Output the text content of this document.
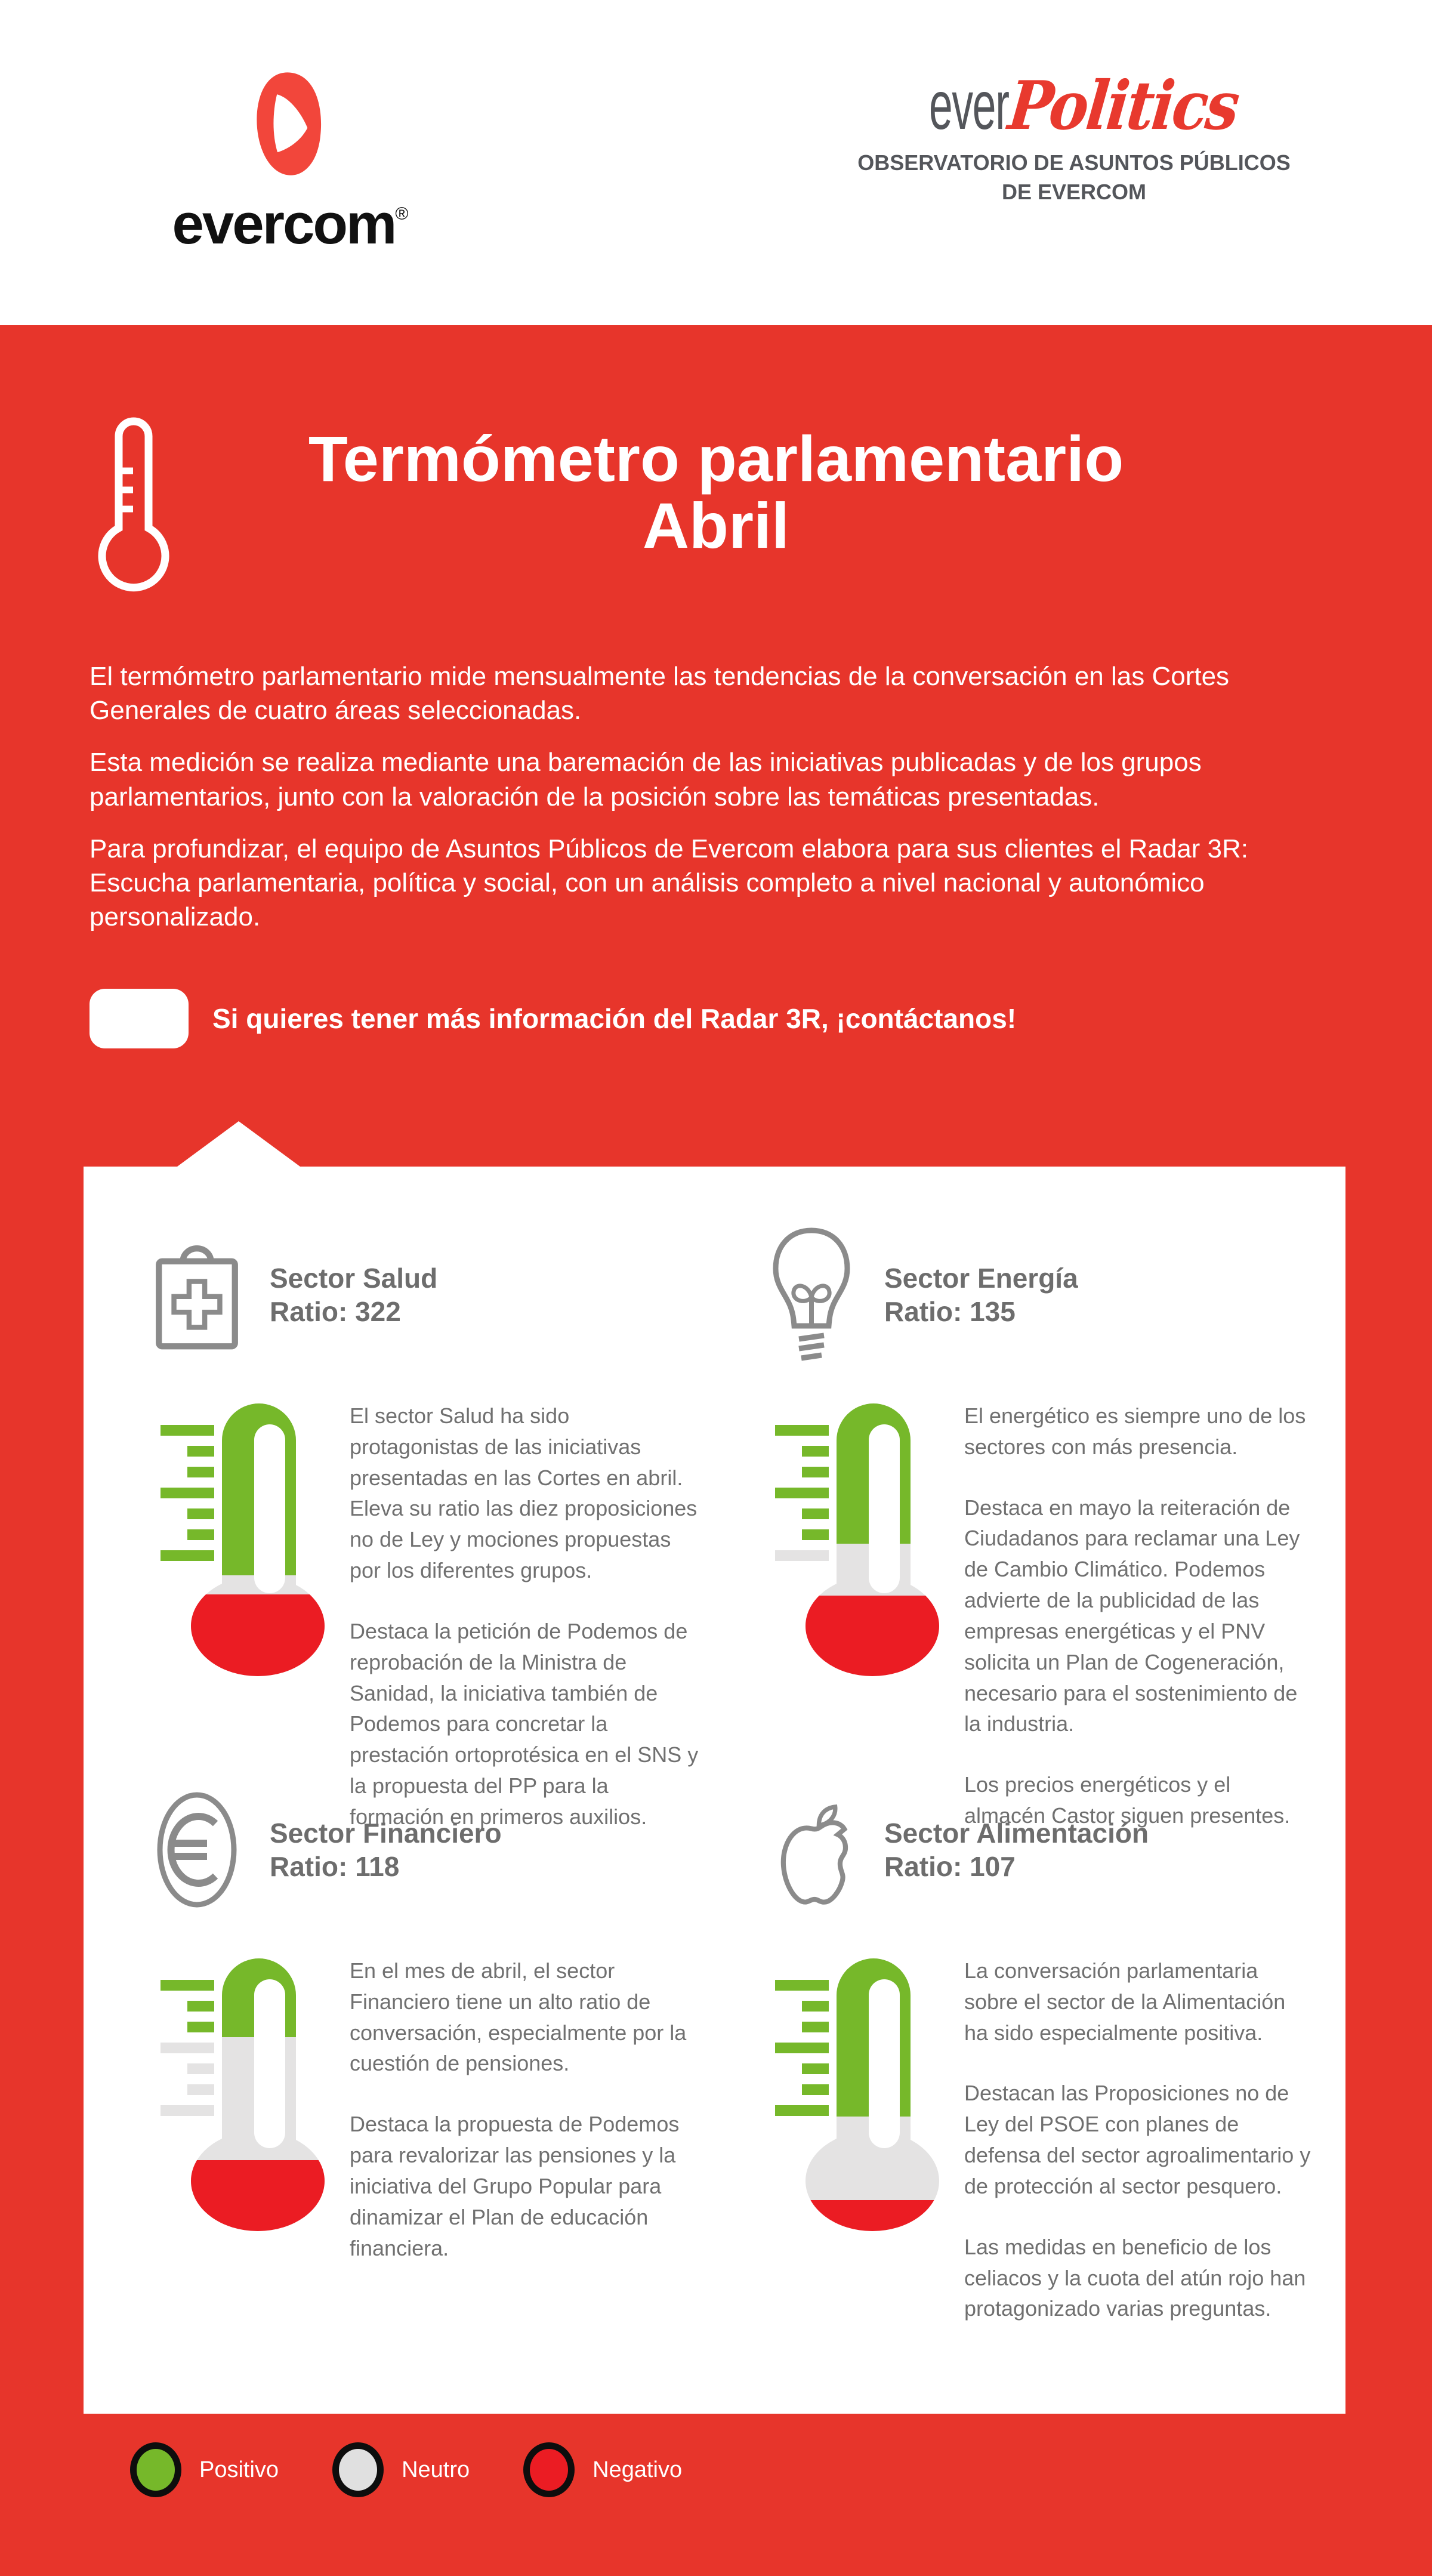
evercom®
everPolitics
OBSERVATORIO DE ASUNTOS PÚBLICOS
DE EVERCOM
Termómetro parlamentario
Abril

El termómetro parlamentario mide mensualmente las tendencias de la conversación en las Cortes Generales de cuatro áreas seleccionadas.

Esta medición se realiza mediante una baremación de las iniciativas publicadas y de los grupos parlamentarios, junto con la valoración de la posición sobre las temáticas presentadas.

Para profundizar, el equipo de Asuntos Públicos de Evercom elabora para sus clientes el Radar 3R: Escucha parlamentaria, política y social, con un análisis completo a nivel nacional y autonómico personalizado.

Si quieres tener más información del Radar 3R, ¡contáctanos!
Positivo	Neutro	Negativo
Sector Salud
Ratio: 322

El sector Salud ha sido protagonistas de las iniciativas presentadas en las Cortes en abril. Eleva su ratio las diez proposiciones no de Ley y mociones propuestas por los diferentes grupos.

Destaca la petición de Podemos de reprobación de la Ministra de Sanidad, la iniciativa también de Podemos para concretar la prestación ortoprotésica en el SNS y la propuesta del PP para la formación en primeros auxilios.

Sector Energía
Ratio: 135

El energético es siempre uno de los sectores con más presencia.

Destaca en mayo la reiteración de Ciudadanos para reclamar una Ley de Cambio Climático. Podemos advierte de la publicidad de las empresas energéticas y el PNV solicita un Plan de Cogeneración, necesario para el sostenimiento de la industria.

Los precios energéticos y el almacén Castor siguen presentes.

Sector Financiero
Ratio: 118

En el mes de abril, el sector Financiero tiene un alto ratio de conversación, especialmente por la cuestión de pensiones.

Destaca la propuesta de Podemos para revalorizar las pensiones y la iniciativa del Grupo Popular para dinamizar el Plan de educación financiera.

Sector Alimentación
Ratio: 107

La conversación parlamentaria sobre el sector de la Alimentación ha sido especialmente positiva.

Destacan las Proposiciones no de Ley del PSOE con planes de defensa del sector agroalimentario y de protección al sector pesquero.

Las medidas en beneficio de los celiacos y la cuota del atún rojo han protagonizado varias preguntas.
